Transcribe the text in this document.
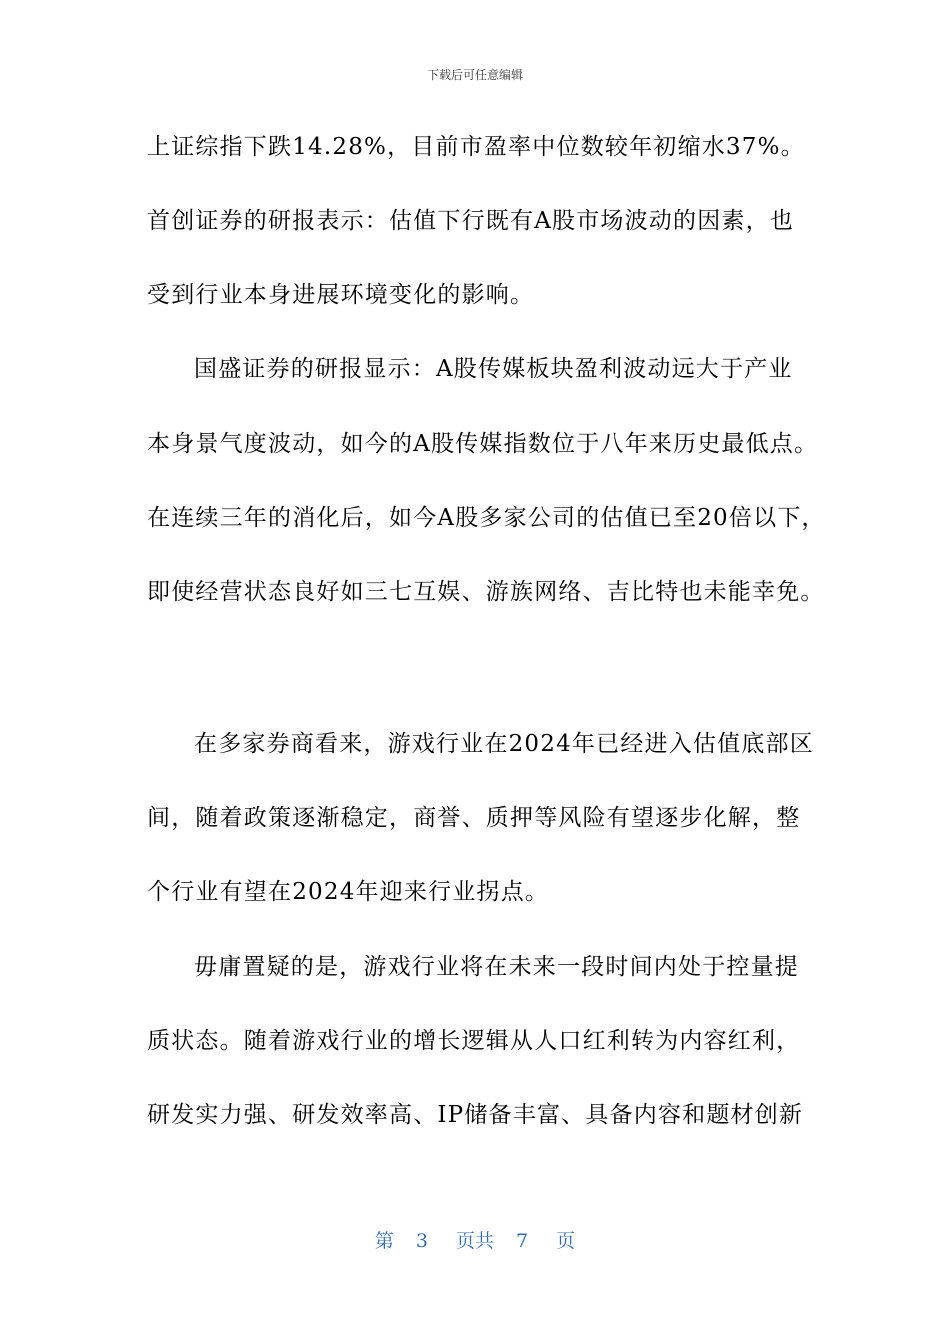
下载后可任意编辑
上证综指下跌14.28%，目前市盈率中位数较年初缩水37%。
首创证券的研报表示：估值下行既有A股市场波动的因素，也
受到行业本身进展环境变化的影响。
国盛证券的研报显示：A股传媒板块盈利波动远大于产业
本身景气度波动，如今的A股传媒指数位于八年来历史最低点。
在连续三年的消化后，如今A股多家公司的估值已至20倍以下，
即使经营状态良好如三七互娱、游族网络、吉比特也未能幸免。
在多家券商看来，游戏行业在2024年已经进入估值底部区
间，随着政策逐渐稳定，商誉、质押等风险有望逐步化解，整
个行业有望在2024年迎来行业拐点。
毋庸置疑的是，游戏行业将在未来一段时间内处于控量提
质状态。随着游戏行业的增长逻辑从人口红利转为内容红利，
研发实力强、研发效率高、IP储备丰富、具备内容和题材创新
第 3 页共 7 页
